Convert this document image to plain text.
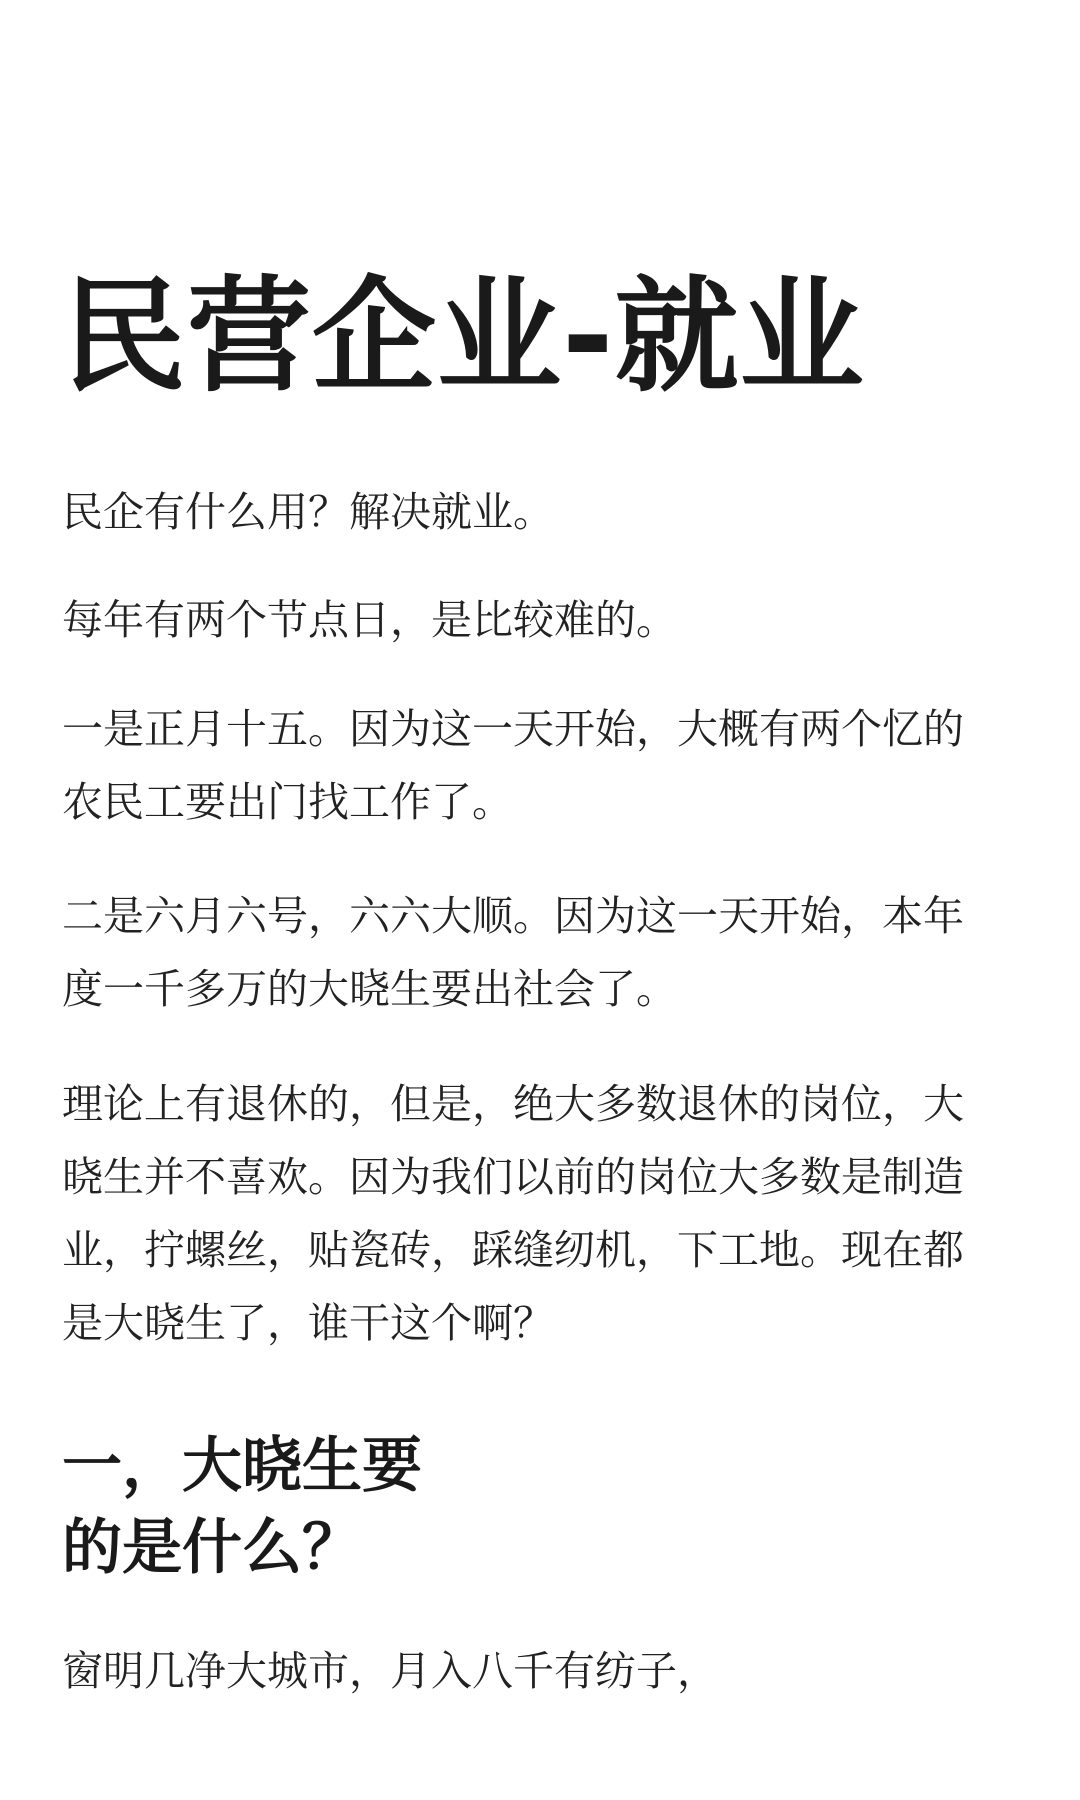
民营企业-就业

民企有什么用？解决就业。

每年有两个节点日，是比较难的。

一是正月十五。因为这一天开始，大概有两个忆的
农民工要出门找工作了。

二是六月六号，六六大顺。因为这一天开始，本年
度一千多万的大晓生要出社会了。

理论上有退休的，但是，绝大多数退休的岗位，大
晓生并不喜欢。因为我们以前的岗位大多数是制造
业，拧螺丝，贴瓷砖，踩缝纫机，下工地。现在都
是大晓生了，谁干这个啊？

一，大晓生要
的是什么？

窗明几净大城市，月入八千有纺子，
